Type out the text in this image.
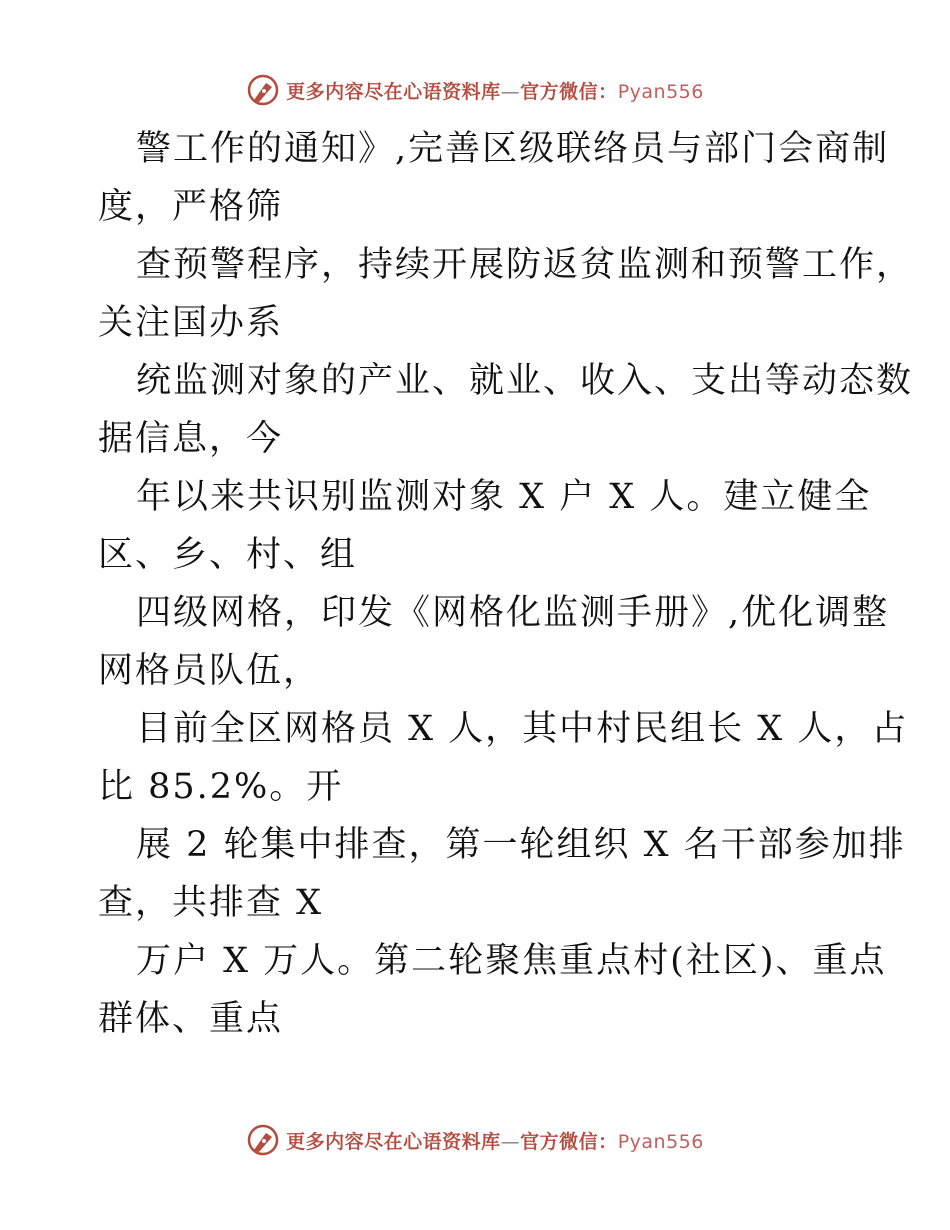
更多内容尽在心语资料库—官方微信：Pyan556
警工作的通知》,完善区级联络员与部门会商制
度，严格筛
查预警程序，持续开展防返贫监测和预警工作，
关注国办系
统监测对象的产业、就业、收入、支出等动态数
据信息，今
年以来共识别监测对象 X 户 X 人。建立健全
区、乡、村、组
四级网格，印发《网格化监测手册》,优化调整
网格员队伍，
目前全区网格员 X 人，其中村民组长 X 人，占
比 85.2%。开
展 2 轮集中排查，第一轮组织 X 名干部参加排
查，共排查 X
万户 X 万人。第二轮聚焦重点村(社区)、重点
群体、重点
更多内容尽在心语资料库—官方微信：Pyan556
